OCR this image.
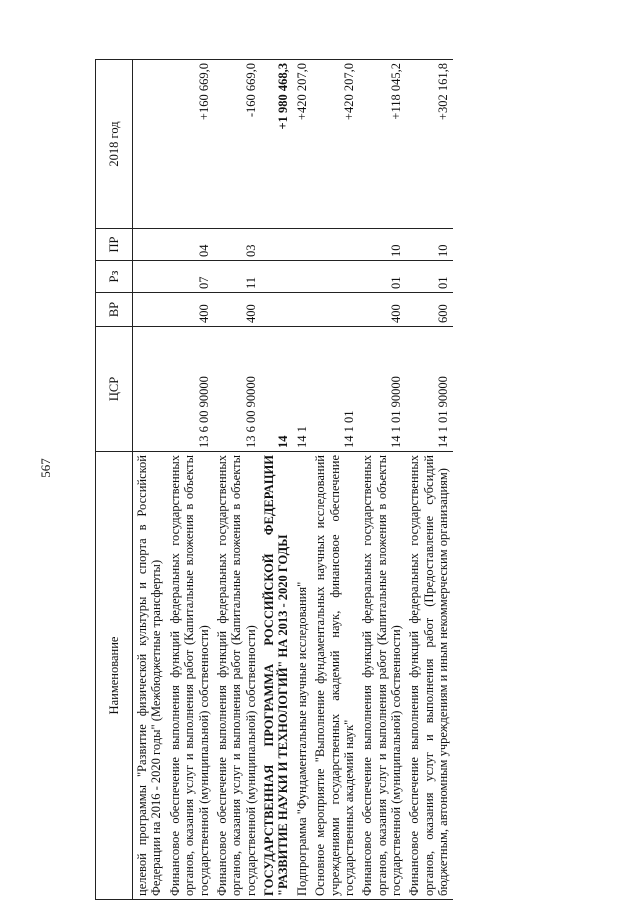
567
Наименование	ЦСР	ВР	Рз	ПР	2018 год
целевой программы "Развитие физической культуры и спорта в Российской Федерации на 2016 - 2020 годы" (Межбюджетные трансферты)					
Финансовое обеспечение выполнения функций федеральных государственных органов, оказания услуг и выполнения работ (Капитальные вложения в объекты государственной (муниципальной) собственности)	13 6 00 90000	400	07	04	+160 669,0
Финансовое обеспечение выполнения функций федеральных государственных органов, оказания услуг и выполнения работ (Капитальные вложения в объекты государственной (муниципальной) собственности)	13 6 00 90000	400	11	03	-160 669,0
ГОСУДАРСТВЕННАЯ ПРОГРАММА РОССИЙСКОЙ ФЕДЕРАЦИИ "РАЗВИТИЕ НАУКИ И ТЕХНОЛОГИЙ" НА 2013 - 2020 ГОДЫ	14				+1 980 468,3
Подпрограмма "Фундаментальные научные исследования"	14 1				+420 207,0
Основное мероприятие "Выполнение фундаментальных научных исследований учреждениями государственных академий наук, финансовое обеспечение государственных академий наук"	14 1 01				+420 207,0
Финансовое обеспечение выполнения функций федеральных государственных органов, оказания услуг и выполнения работ (Капитальные вложения в объекты государственной (муниципальной) собственности)	14 1 01 90000	400	01	10	+118 045,2
Финансовое обеспечение выполнения функций федеральных государственных органов, оказания услуг и выполнения работ (Предоставление субсидий бюджетным, автономным учреждениям и иным некоммерческим организациям)	14 1 01 90000	600	01	10	+302 161,8
